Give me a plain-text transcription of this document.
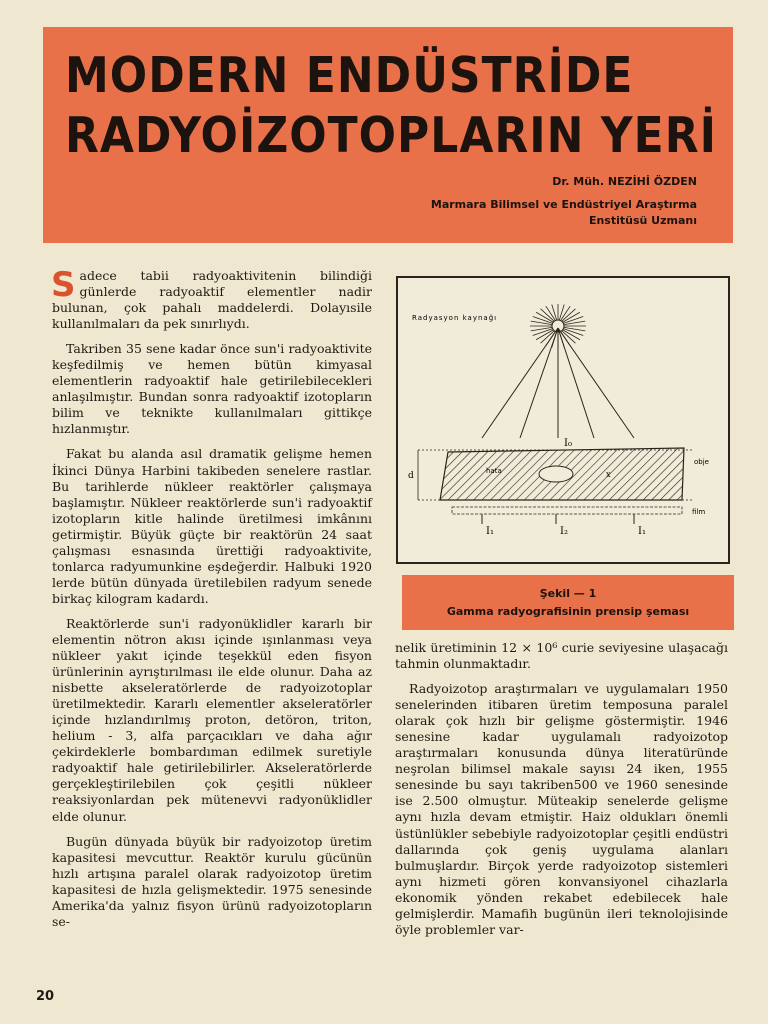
MODERN ENDÜSTRİDE
RADYOİZOTOPLARIN YERİ
Dr. Müh. NEZİHİ ÖZDEN
Marmara Bilimsel ve Endüstriyel Araştırma
Enstitüsü Uzmanı

Sadece tabii radyoaktivitenin bilindiği günlerde radyoaktif elementler nadir bulunan, çok pahalı maddelerdi. Dolayısile kullanılmaları da pek sınırlıydı.

Takriben 35 sene kadar önce sun'i radyoaktivite keşfedilmiş ve hemen bütün kimyasal elementlerin radyoaktif hale getirilebilecekleri anlaşılmıştır. Bundan sonra radyoaktif izotopların bilim ve teknikte kullanılmaları gittikçe hızlanmıştır.

Fakat bu alanda asıl dramatik gelişme hemen İkinci Dünya Harbini takibeden senelere rastlar. Bu tarihlerde nükleer reaktörler çalışmaya başlamıştır. Nükleer reaktörlerde sun'i radyoaktif izotopların kitle halinde üretilmesi imkânını getirmiştir. Büyük güçte bir reaktörün 24 saat çalışması esnasında ürettiği radyoaktivite, tonlarca radyumunkine eşdeğerdir. Halbuki 1920 lerde bütün dünyada üretilebilen radyum senede birkaç kilogram kadardı.

Reaktörlerde sun'i radyonüklidler kararlı bir elementin nötron akısı içinde ışınlanması veya nükleer yakıt içinde teşekkül eden fisyon ürünlerinin ayrıştırılması ile elde olunur. Daha az nisbette akseleratörlerde de radyoizotoplar üretilmektedir. Kararlı elementler akseleratörler içinde hızlandırılmış proton, detöron, triton, helium - 3, alfa parçacıkları ve daha ağır çekirdeklerle bombardıman edilmek suretiyle radyoaktif hale getirilebilirler. Akseleratörlerde gerçekleştirilebilen çok çeşitli nükleer reaksiyonlardan pek mütenevvi radyonüklidler elde olunur.

Bugün dünyada büyük bir radyoizotop üretim kapasitesi mevcuttur. Reaktör kurulu gücünün hızlı artışına paralel olarak radyoizotop üretim kapasitesi de hızla gelişmektedir. 1975 senesinde Amerika'da yalnız fisyon ürünü radyoizotopların se-

Radyasyon kaynağı
I₀
d	hata	x
obje
film
I₁	I₂	I₁
Şekil — 1
Gamma radyografisinin prensip şeması

nelik üretiminin 12 × 10⁶ curie seviyesine ulaşacağı tahmin olunmaktadır.

Radyoizotop araştırmaları ve uygulamaları 1950 senelerinden itibaren üretim temposuna paralel olarak çok hızlı bir gelişme göstermiştir. 1946 senesine kadar uygulamalı radyoizotop araştırmaları konusunda dünya literatüründe neşrolan bilimsel makale sayısı 24 iken, 1955 senesinde bu sayı takriben500 ve 1960 senesinde ise 2.500 olmuştur. Müteakip senelerde gelişme aynı hızla devam etmiştir. Haiz oldukları önemli üstünlükler sebebiyle radyoizotoplar çeşitli endüstri dallarında çok geniş uygulama alanları bulmuşlardır. Birçok yerde radyoizotop sistemleri aynı hizmeti gören konvansiyonel cihazlarla ekonomik yönden rekabet edebilecek hale gelmişlerdir. Mamafih bugünün ileri teknolojisinde öyle problemler var-

20
